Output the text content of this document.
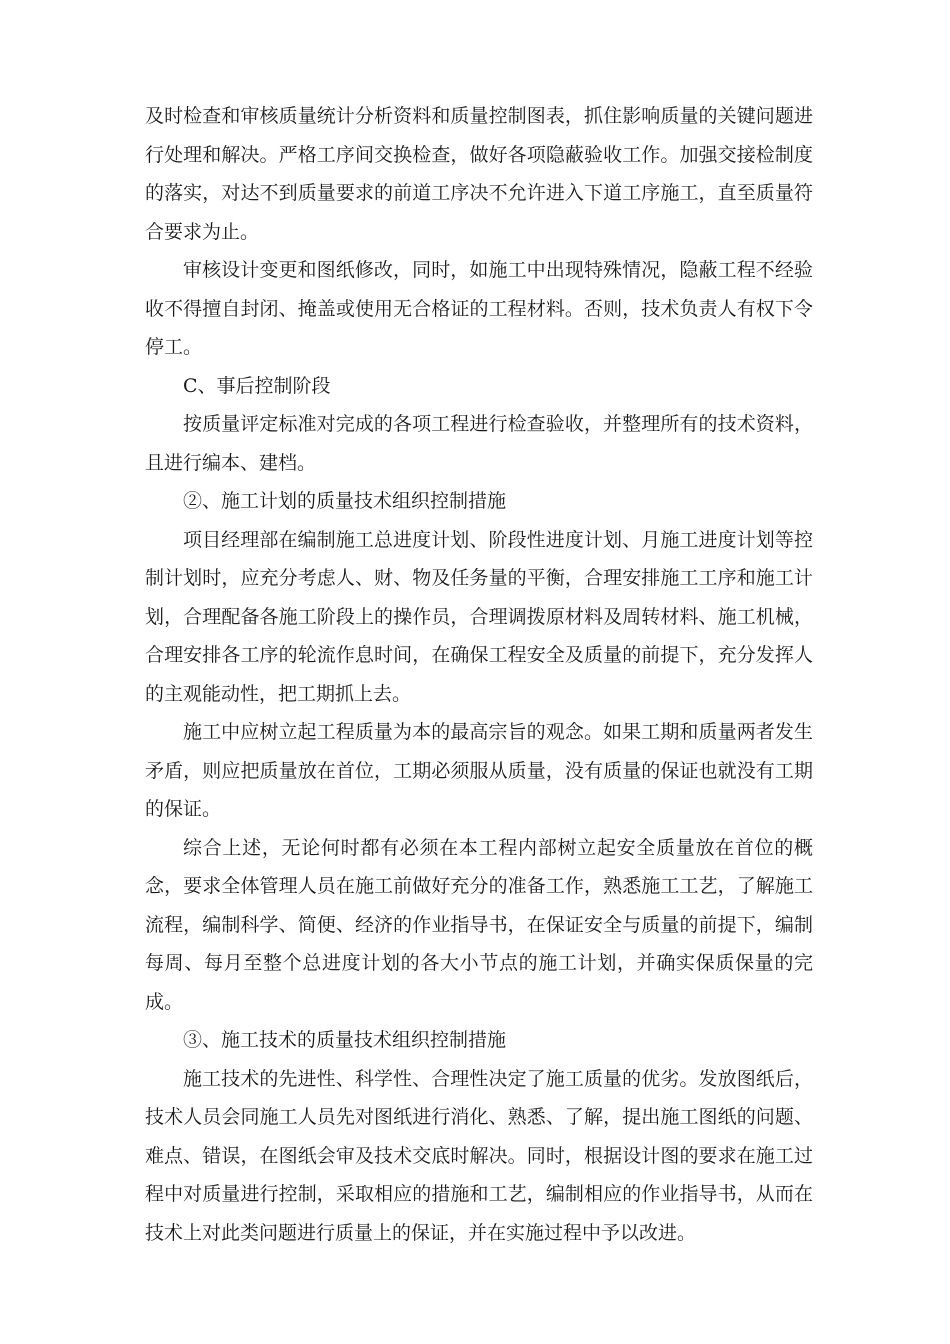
及时检查和审核质量统计分析资料和质量控制图表，抓住影响质量的关键问题进行处理和解决。严格工序间交换检查，做好各项隐蔽验收工作。加强交接检制度的落实，对达不到质量要求的前道工序决不允许进入下道工序施工，直至质量符合要求为止。

审核设计变更和图纸修改，同时，如施工中出现特殊情况，隐蔽工程不经验收不得擅自封闭、掩盖或使用无合格证的工程材料。否则，技术负责人有权下令停工。

C、事后控制阶段

按质量评定标准对完成的各项工程进行检查验收，并整理所有的技术资料，且进行编本、建档。

②、施工计划的质量技术组织控制措施

项目经理部在编制施工总进度计划、阶段性进度计划、月施工进度计划等控制计划时，应充分考虑人、财、物及任务量的平衡，合理安排施工工序和施工计划，合理配备各施工阶段上的操作员，合理调拨原材料及周转材料、施工机械，合理安排各工序的轮流作息时间，在确保工程安全及质量的前提下，充分发挥人的主观能动性，把工期抓上去。

施工中应树立起工程质量为本的最高宗旨的观念。如果工期和质量两者发生矛盾，则应把质量放在首位，工期必须服从质量，没有质量的保证也就没有工期的保证。

综合上述，无论何时都有必须在本工程内部树立起安全质量放在首位的概念，要求全体管理人员在施工前做好充分的准备工作，熟悉施工工艺，了解施工流程，编制科学、简便、经济的作业指导书，在保证安全与质量的前提下，编制每周、每月至整个总进度计划的各大小节点的施工计划，并确实保质保量的完成。

③、施工技术的质量技术组织控制措施

施工技术的先进性、科学性、合理性决定了施工质量的优劣。发放图纸后，技术人员会同施工人员先对图纸进行消化、熟悉、了解，提出施工图纸的问题、难点、错误，在图纸会审及技术交底时解决。同时，根据设计图的要求在施工过程中对质量进行控制，采取相应的措施和工艺，编制相应的作业指导书，从而在技术上对此类问题进行质量上的保证，并在实施过程中予以改进。
